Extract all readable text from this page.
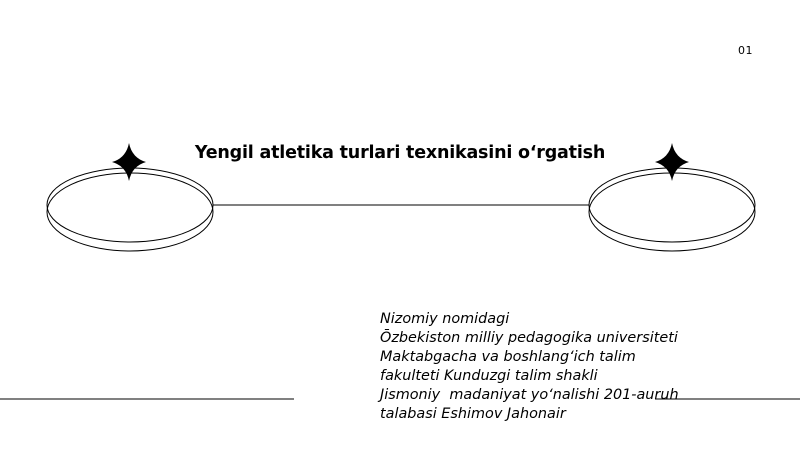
01
Yengil atletika turlari texnikasini o‘rgatish
Nizomiy nomidagi
Ōzbekiston milliy pedagogika universiteti
Maktabgacha va boshlang‘ich talim fakulteti Kunduzgi talim shakli
Jismoniy  madaniyat yo‘nalishi 201-auruh talabasi Eshimov Jahonair
